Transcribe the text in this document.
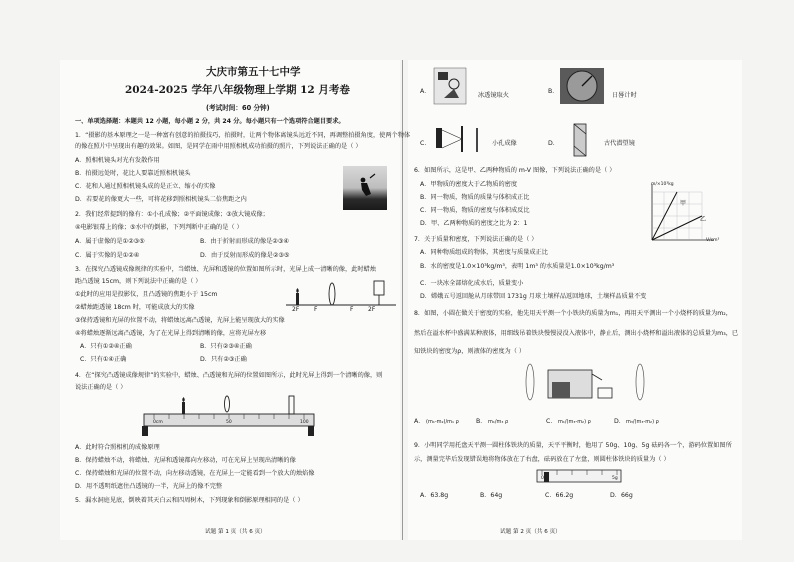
大庆市第五十七中学
2024-2025 学年八年级物理上学期 12 月考卷
(考试时间：60 分钟)
一、单项选择题：本题共 12 小题，每小题 2 分，共 24 分。每小题只有一个选项符合题目要求。
1．“摄影的基本原理之一是一种富有创意的拍摄技巧，拍摄时，让两个物体离镜头远近不同，再调整拍摄角度，使两个物体
的像在照片中呈现出有趣的效果。如图，是同学在雨中用照相机成功拍摄的照片，下列说法正确的是（ ）
A．照相机镜头对光有发散作用
B．拍摄远处时，花比人要靠近照相机镜头
C．花和人通过照相机镜头成的是正立、缩小的实像
D．若要花的像更大一些，可将花移到照相机镜头二倍焦距之内
2．我们经常提到的像有：①小孔成像；②平面镜成像；③放大镜成像；
④电影银幕上的像；⑤水中的倒影，下列判断中正确的是（ ）
A．属于虚像的是①②③⑤	B．由于折射而形成的像是②③④
C．属于实像的是①②④	D．由于反射而形成的像是②③⑤
3．在探究凸透镜成像规律的实验中，当蜡烛、光屏和透镜的位置如图所示时，光屏上成一清晰的像，此时蜡烛
距凸透镜 15cm，则下列说法中正确的是（ ）
①此时的应用是投影仪，且凸透镜的焦距小于 15cm
②蜡烛距透镜 18cm 时，可能成放大的实像
③保持透镜和光屏的位置不动，将蜡烛远离凸透镜，光屏上能呈现放大的实像
④将蜡烛逐渐远离凸透镜，为了在光屏上得到清晰的像，应将光屏左移
A．只有①②④正确	B．只有②③④正确
C．只有①④正确	D．只有②③正确
2F F	F 2F
4．在“探究凸透镜成像规律”的实验中，蜡烛、凸透镜和光屏的位置如图所示，此时光屏上得到一个清晰的像，则
说法正确的是（ ）
0cm	50	100
A．此时符合照相机的成像原理
B．保持蜡烛不动，将蜡烛、光屏和透镜都向左移动，可在光屏上呈现出清晰的像
C．保持蜡烛和光屏的位置不动，向左移动透镜，在光屏上一定能看到一个放大的烛焰像
D．用不透明纸遮住凸透镜的一半，光屏上的像不完整
5．漏水洞庭见底，倒映着其天白云和四周树木，下列现象和倒影原理相同的是（ ）
试题 第 1 页（共 6 页）
A．
冰透镜取火
B．
日晷计时
C．	小孔成像	D．	古代潜望镜
6．如图所示，这是甲、乙两种物质的 m-V 图像，下列说法正确的是（ ）
A．甲物质的密度大于乙物质的密度
B．同一物质，物质的质量与体积成正比
C．同一物质，物质的密度与体积成反比
D．甲、乙两种物质的密度之比为 2：1
m/×10³kg
甲
乙
V/cm³
7．关于质量和密度，下列说法正确的是（ ）
A．同种物质组成的物体，其密度与质量成正比
B．水的密度是1.0×10³kg/m³，表明 1m³ 的水质量是1.0×10³kg/m³
C．一块冰全部熔化成水后，质量变小
D．嫦娥五号返回舱从月球带回 1731g 月球土壤样品返回地球，土壤样品质量不变
8．如图，小圆在做关于密度的实验，他先用天平测一个小铁块的质量为m₁，再用天平测出一个小烧杯的质量为m₂，
然后在溢水杯中盛满某种液体，用细线吊着铁块慢慢浸没入液体中，静止后，测出小烧杯和溢出液体的总质量为m₃，已
知铁块的密度为ρ，则液体的密度为（ ）
A． (m₁-m₂)/m₁ ρ	B． m₁/m₃ ρ	C． m₁/(m₃-m₂) ρ	D． m₃/(m₃-m₂) ρ
9．小明同学用托盘天平测一圆柱体铁块的质量，天平平衡时，他用了 50g、10g、5g 砝码各一个，游码位置如图所
示，测量完毕后发现错误地将物体放在了右盘，砝码放在了左盘，则圆柱体铁块的质量为（ ）
0	5g
A．63.8g	B．64g	C．66.2g	D．66g
试题 第 2 页（共 6 页）
